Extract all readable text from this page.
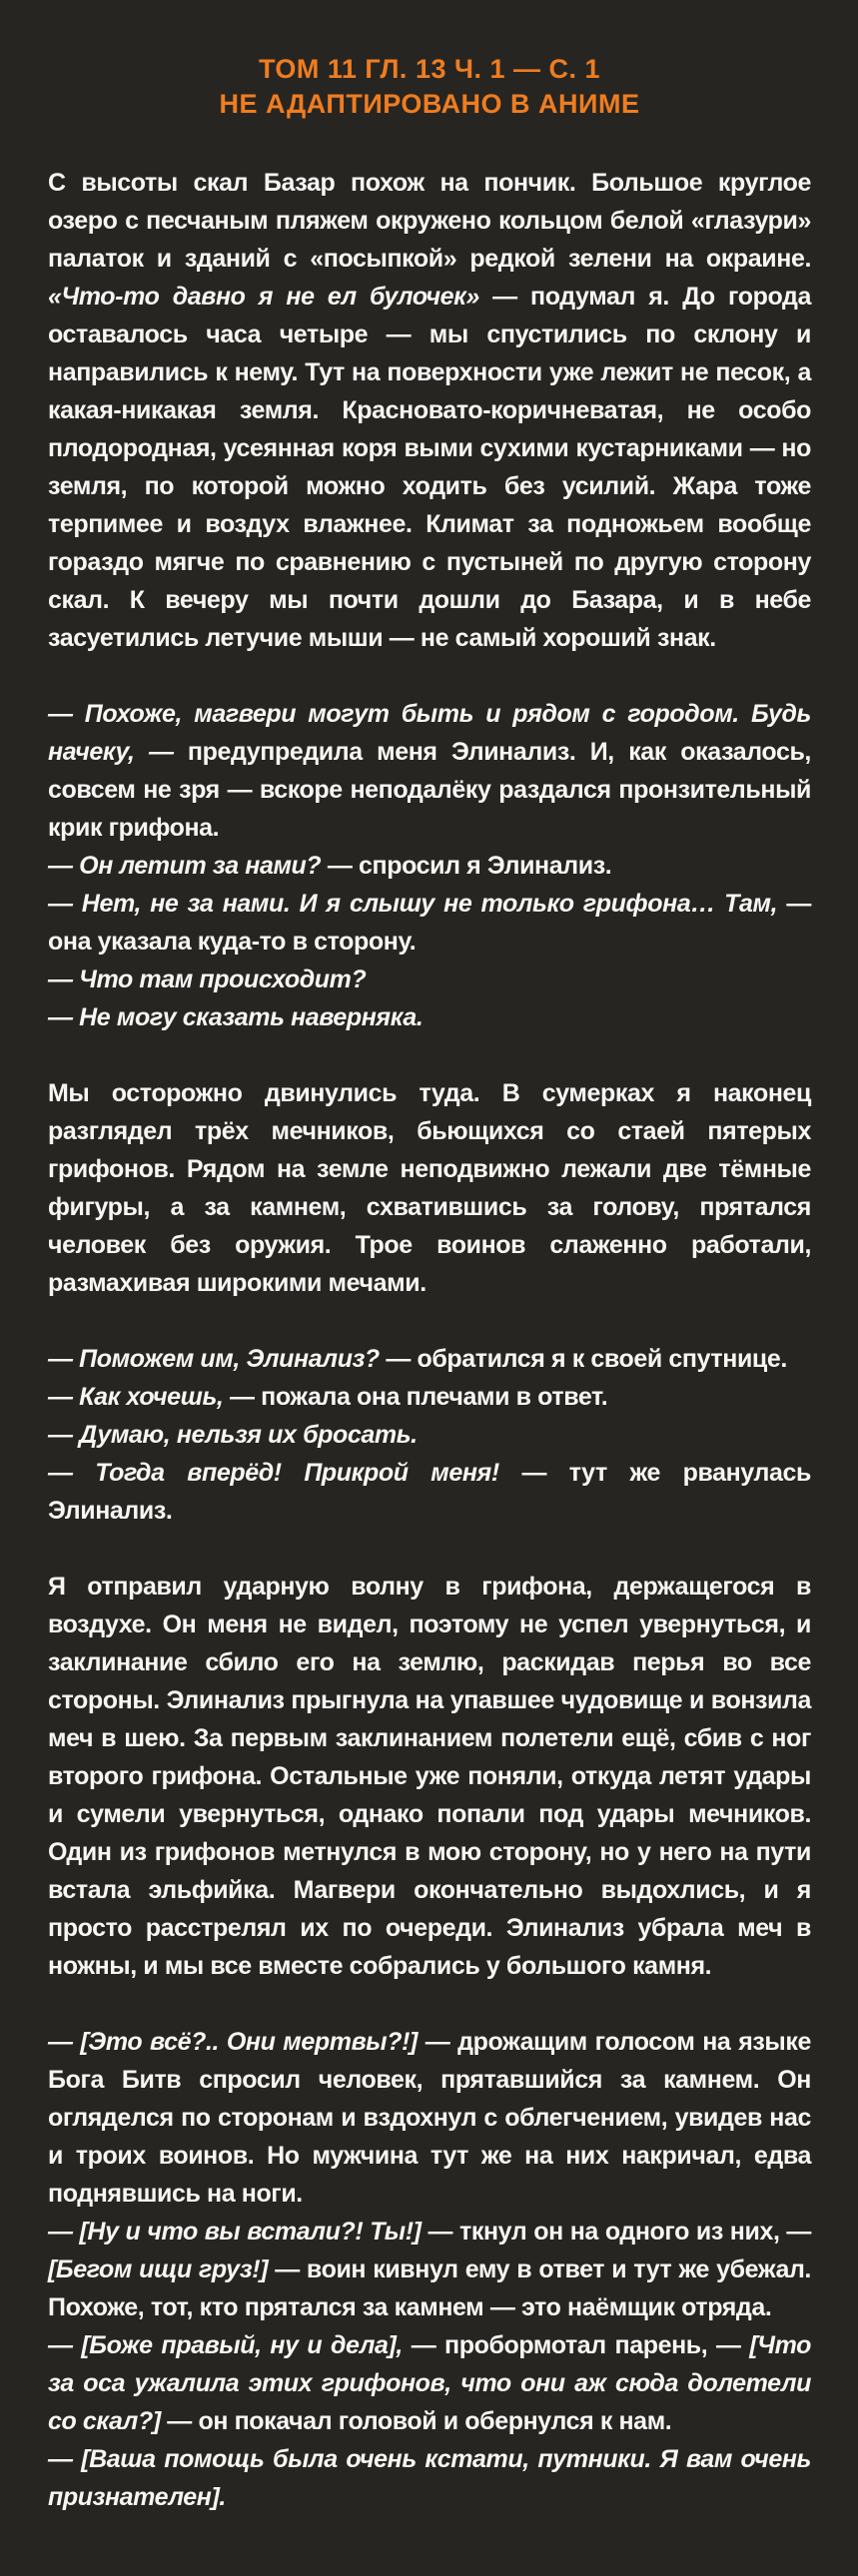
ТОМ 11 ГЛ. 13 Ч. 1 — С. 1

НЕ АДАПТИРОВАНО В АНИМЕ

С высоты скал Базар похож на пончик. Большое круглое озеро с песчаным пляжем окружено кольцом белой «глазури» палаток и зданий с «посыпкой» редкой зелени на окраине. «Что-то давно я не ел булочек» — подумал я. До города оставалось часа четыре — мы спустились по склону и направились к нему. Тут на поверхности уже лежит не песок, а какая-никакая земля. Красновато-коричневатая, не особо плодородная, усеянная коря выми сухими кустарниками — но земля, по которой можно ходить без усилий. Жара тоже терпимее и воздух влажнее. Климат за подножьем вообще гораздо мягче по сравнению с пустыней по другую сторону скал. К вечеру мы почти дошли до Базара, и в небе засуетились летучие мыши — не самый хороший знак.

— Похоже, магвери могут быть и рядом с городом. Будь начеку, — предупредила меня Элинализ. И, как оказалось, совсем не зря — вскоре неподалёку раздался пронзительный крик грифона.

— Он летит за нами? — спросил я Элинализ.

— Нет, не за нами. И я слышу не только грифона… Там, — она указала куда-то в сторону.

— Что там происходит?

— Не могу сказать наверняка.

Мы осторожно двинулись туда. В сумерках я наконец разглядел трёх мечников, бьющихся со стаей пятерых грифонов. Рядом на земле неподвижно лежали две тёмные фигуры, а за камнем, схватившись за голову, прятался человек без оружия. Трое воинов слаженно работали, размахивая широкими мечами.

— Поможем им, Элинализ? — обратился я к своей спутнице.

— Как хочешь, — пожала она плечами в ответ.

— Думаю, нельзя их бросать.

— Тогда вперёд! Прикрой меня! — тут же рванулась Элинализ.

Я отправил ударную волну в грифона, держащегося в воздухе. Он меня не видел, поэтому не успел увернуться, и заклинание сбило его на землю, раскидав перья во все стороны. Элинализ прыгнула на упавшее чудовище и вонзила меч в шею. За первым заклинанием полетели ещё, сбив с ног второго грифона. Остальные уже поняли, откуда летят удары и сумели увернуться, однако попали под удары мечников. Один из грифонов метнулся в мою сторону, но у него на пути встала эльфийка. Магвери окончательно выдохлись, и я просто расстрелял их по очереди. Элинализ убрала меч в ножны, и мы все вместе собрались у большого камня.

— [Это всё?.. Они мертвы?!] — дрожащим голосом на языке Бога Битв спросил человек, прятавшийся за камнем. Он огляделся по сторонам и вздохнул с облегчением, увидев нас и троих воинов. Но мужчина тут же на них накричал, едва поднявшись на ноги.

— [Ну и что вы встали?! Ты!] — ткнул он на одного из них, — [Бегом ищи груз!] — воин кивнул ему в ответ и тут же убежал. Похоже, тот, кто прятался за камнем — это наёмщик отряда.

— [Боже правый, ну и дела], — пробормотал парень, — [Что за оса ужалила этих грифонов, что они аж сюда долетели со скал?] — он покачал головой и обернулся к нам.

— [Ваша помощь была очень кстати, путники. Я вам очень признателен].
